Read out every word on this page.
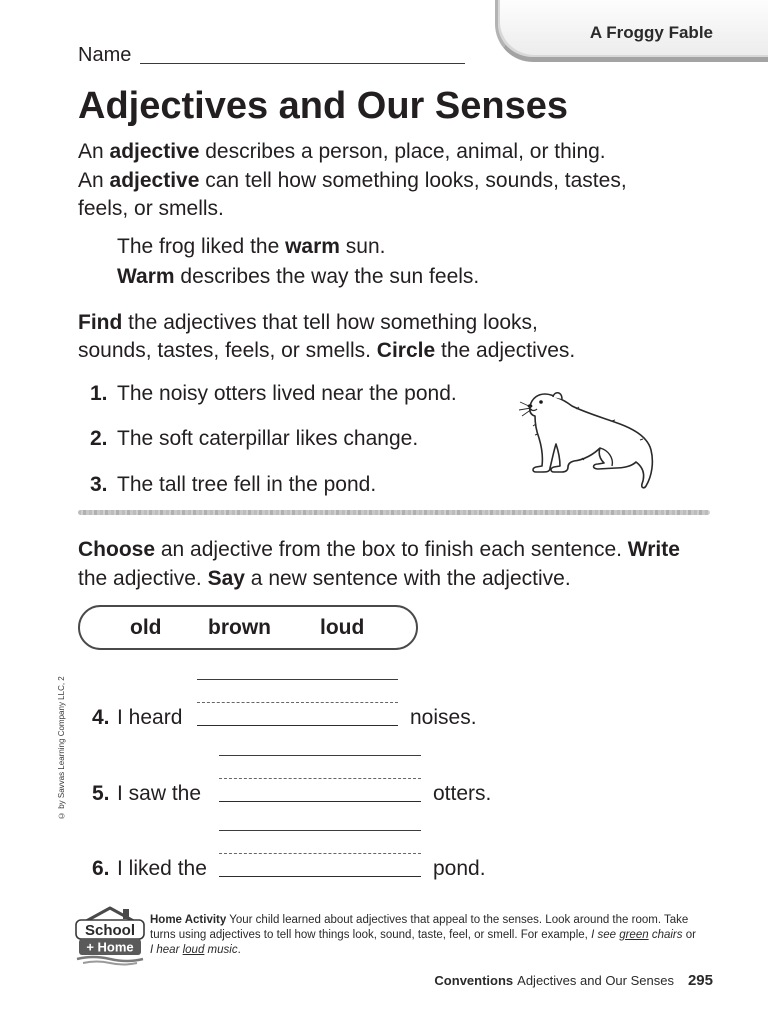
A Froggy Fable
Name
Adjectives and Our Senses
An adjective describes a person, place, animal, or thing.
An adjective can tell how something looks, sounds, tastes,
feels, or smells.
The frog liked the warm sun.
Warm describes the way the sun feels.
Find the adjectives that tell how something looks,
sounds, tastes, feels, or smells. Circle the adjectives.
1. The noisy otters lived near the pond.
2. The soft caterpillar likes change.
3. The tall tree fell in the pond.
Choose an adjective from the box to finish each sentence. Write
the adjective. Say a new sentence with the adjective.
old brown loud
© by Savvas Learning Company LLC, 2 4. I heard	noises.
5. I saw the	otters.
6. I liked the	pond.
School
+ Home
Home Activity Your child learned about adjectives that appeal to the senses. Look around the room. Take
turns using adjectives to tell how things look, sound, taste, feel, or smell. For example, I see green chairs or
I hear loud music.
Conventions Adjectives and Our Senses 295
